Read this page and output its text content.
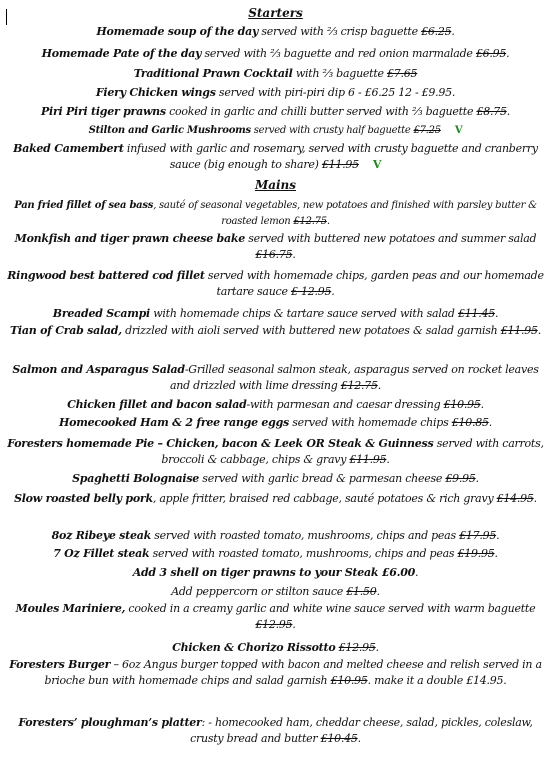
Starters
Homemade soup of the day served with ⅔ crisp baguette £6.25.
Homemade Pate of the day served with ⅔ baguette and red onion marmalade £6.95.
Traditional Prawn Cocktail with ⅔ baguette £7.65
Fiery Chicken wings served with piri-piri dip 6 - £6.25 12 - £9.95.
Piri Piri tiger prawns cooked in garlic and chilli butter served with ⅔ baguette £8.75.
Stilton and Garlic Mushrooms served with crusty half baguette £7.25 V
Baked Camembert infused with garlic and rosemary, served with crusty baguette and cranberry sauce (big enough to share) £11.95 V
Mains
Pan fried fillet of sea bass, sauté of seasonal vegetables, new potatoes and finished with parsley butter & roasted lemon £12.75.
Monkfish and tiger prawn cheese bake served with buttered new potatoes and summer salad £16.75.
Ringwood best battered cod fillet served with homemade chips, garden peas and our homemade tartare sauce £ 12.95.
Breaded Scampi with homemade chips & tartare sauce served with salad £11.45.
Tian of Crab salad, drizzled with aioli served with buttered new potatoes & salad garnish £11.95.
Salmon and Asparagus Salad-Grilled seasonal salmon steak, asparagus served on rocket leaves and drizzled with lime dressing £12.75.
Chicken fillet and bacon salad-with parmesan and caesar dressing £10.95.
Homecooked Ham & 2 free range eggs served with homemade chips £10.85.
Foresters homemade Pie – Chicken, bacon & Leek OR Steak & Guinness served with carrots, broccoli & cabbage, chips & gravy £11.95.
Spaghetti Bolognaise served with garlic bread & parmesan cheese £9.95.
Slow roasted belly pork, apple fritter, braised red cabbage, sauté potatoes & rich gravy £14.95.
8oz Ribeye steak served with roasted tomato, mushrooms, chips and peas £17.95.
7 Oz Fillet steak served with roasted tomato, mushrooms, chips and peas £19.95.
Add 3 shell on tiger prawns to your Steak £6.00.
Add peppercorn or stilton sauce £1.50.
Moules Mariniere, cooked in a creamy garlic and white wine sauce served with warm baguette £12.95.
Chicken & Chorizo Rissotto £12.95.
Foresters Burger – 6oz Angus burger topped with bacon and melted cheese and relish served in a brioche bun with homemade chips and salad garnish £10.95. make it a double £14.95.
Foresters’ ploughman’s platter: - homecooked ham, cheddar cheese, salad, pickles, coleslaw, crusty bread and butter £10.45.
